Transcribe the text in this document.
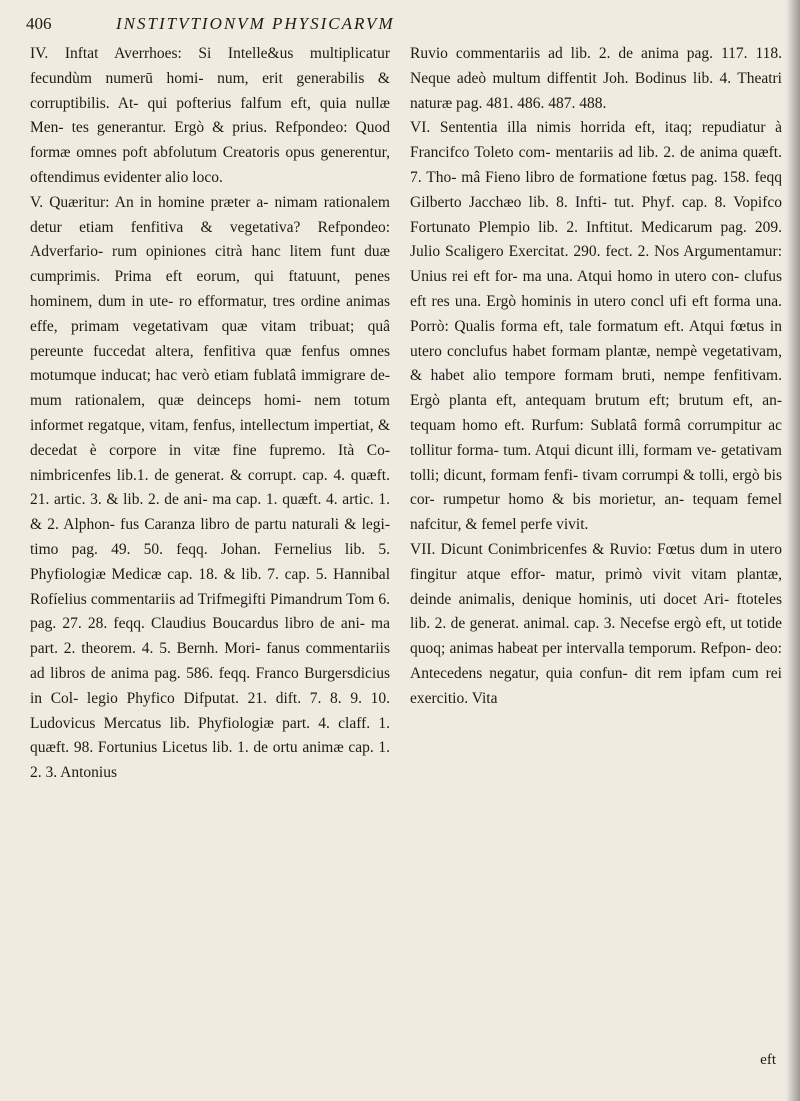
406	INSTITVTIONVM PHYSICARVM

IV. Inftat Averrhoes: Si Intelle&us multiplicatur fecundùm numerū homi- num, erit generabilis & corruptibilis. At- qui pofterius falfum eft, quia nullæ Men- tes generantur. Ergò & prius. Refpondeo: Quod formæ omnes poft abfolutum Creatoris opus generentur, oftendimus evidenter alio loco.

V. Quæritur: An in homine præter a- nimam rationalem detur etiam fenfitiva & vegetativa? Refpondeo: Adverfario- rum opiniones citrà hanc litem funt duæ cumprimis. Prima eft eorum, qui ftatuunt, penes hominem, dum in ute- ro efformatur, tres ordine animas effe, primam vegetativam quæ vitam tribuat; quâ pereunte fuccedat altera, fenfitiva quæ fenfus omnes motumque inducat; hac verò etiam fublatâ immigrare de- mum rationalem, quæ deinceps homi- nem totum informet regatque, vitam, fenfus, intellectum impertiat, & decedat è corpore in vitæ fine fupremo. Ità Co- nimbricenfes lib.1. de generat. & corrupt. cap. 4. quæft. 21. artic. 3. & lib. 2. de ani- ma cap. 1. quæft. 4. artic. 1. & 2. Alphon- fus Caranza libro de partu naturali & legi- timo pag. 49. 50. feqq. Johan. Fernelius lib. 5. Phyfiologiæ Medicæ cap. 18. & lib. 7. cap. 5. Hannibal Rofíelius commentariis ad Trifmegifti Pimandrum Tom 6. pag. 27. 28. feqq. Claudius Boucardus libro de ani- ma part. 2. theorem. 4. 5. Bernh. Mori- fanus commentariis ad libros de anima pag. 586. feqq. Franco Burgersdicius in Col- legio Phyfico Difputat. 21. dift. 7. 8. 9. 10. Ludovicus Mercatus lib. Phyfiologiæ part. 4. claff. 1. quæft. 98. Fortunius Licetus lib. 1. de ortu animæ cap. 1. 2. 3. Antonius

Ruvio commentariis ad lib. 2. de anima pag. 117. 118. Neque adeò multum diffentit Joh. Bodinus lib. 4. Theatri naturæ pag. 481. 486. 487. 488.

VI. Sententia illa nimis horrida eft, itaq; repudiatur à Francifco Toleto com- mentariis ad lib. 2. de anima quæft. 7. Tho- mâ Fieno libro de formatione fœtus pag. 158. feqq Gilberto Jacchæo lib. 8. Infti- tut. Phyf. cap. 8. Vopifco Fortunato Plempio lib. 2. Inftitut. Medicarum pag. 209. Julio Scaligero Exercitat. 290. fect. 2. Nos Argumentamur: Unius rei eft for- ma una. Atqui homo in utero con- clufus eft res una. Ergò hominis in utero concl ufi eft forma una. Porrò: Qualis forma eft, tale formatum eft. Atqui fœtus in utero conclufus habet formam plantæ, nempè vegetativam, & habet alio tempore formam bruti, nempe fenfitivam. Ergò planta eft, antequam brutum eft; brutum eft, an- tequam homo eft. Rurfum: Sublatâ formâ corrumpitur ac tollitur forma- tum. Atqui dicunt illi, formam ve- getativam tolli; dicunt, formam fenfi- tivam corrumpi & tolli, ergò bis cor- rumpetur homo & bis morietur, an- tequam femel nafcitur, & femel perfe vivit.

VII. Dicunt Conimbricenfes & Ruvio: Fœtus dum in utero fingitur atque effor- matur, primò vivit vitam plantæ, deinde animalis, denique hominis, uti docet Ari- ftoteles lib. 2. de generat. animal. cap. 3. Necefse ergò eft, ut totide quoq; animas habeat per intervalla temporum. Refpon- deo: Antecedens negatur, quia confun- dit rem ipfam cum rei exercitio. Vita

eft
